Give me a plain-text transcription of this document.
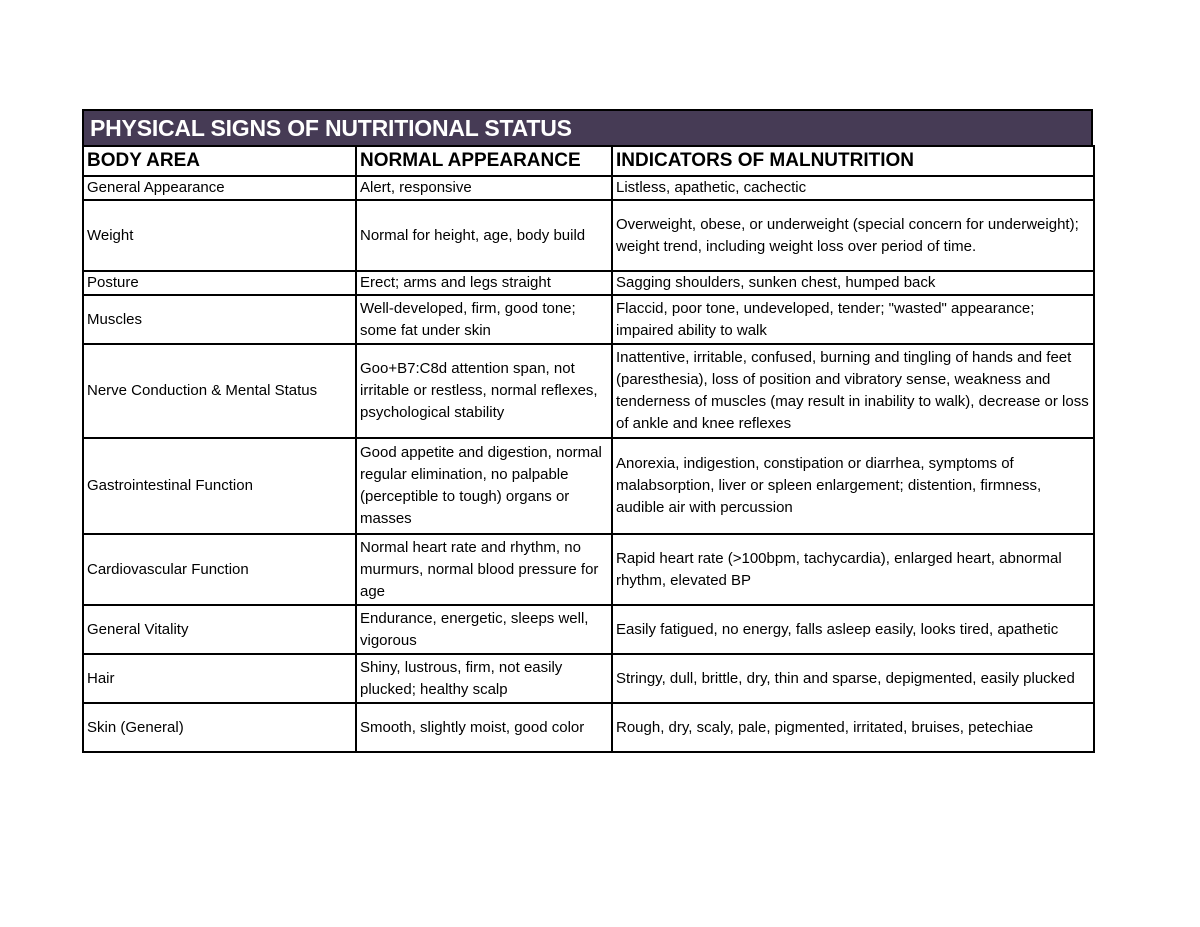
PHYSICAL SIGNS OF NUTRITIONAL STATUS
BODY AREA	NORMAL APPEARANCE	INDICATORS OF MALNUTRITION
General Appearance	Alert, responsive	Listless, apathetic, cachectic
Weight	Normal for height, age, body build	Overweight, obese, or underweight (special concern for underweight); weight trend, including weight loss over period of time.
Posture	Erect; arms and legs straight	Sagging shoulders, sunken chest, humped back
Muscles	Well-developed, firm, good tone; some fat under skin	Flaccid, poor tone, undeveloped, tender; "wasted" appearance; impaired ability to walk
Nerve Conduction & Mental Status	Goo+B7:C8d attention span, not irritable or restless, normal reflexes, psychological stability	Inattentive, irritable, confused, burning and tingling of hands and feet (paresthesia), loss of position and vibratory sense, weakness and tenderness of muscles (may result in inability to walk), decrease or loss of ankle and knee reflexes
Gastrointestinal Function	Good appetite and digestion, normal regular elimination, no palpable (perceptible to tough) organs or masses	Anorexia, indigestion, constipation or diarrhea, symptoms of malabsorption, liver or spleen enlargement; distention, firmness, audible air with percussion
Cardiovascular Function	Normal heart rate and rhythm, no murmurs, normal blood pressure for age	Rapid heart rate (>100bpm, tachycardia), enlarged heart, abnormal rhythm, elevated BP
General Vitality	Endurance, energetic, sleeps well, vigorous	Easily fatigued, no energy, falls asleep easily, looks tired, apathetic
Hair	Shiny, lustrous, firm, not easily plucked; healthy scalp	Stringy, dull, brittle, dry, thin and sparse, depigmented, easily plucked
Skin (General)	Smooth, slightly moist, good color	Rough, dry, scaly, pale, pigmented, irritated, bruises, petechiae
